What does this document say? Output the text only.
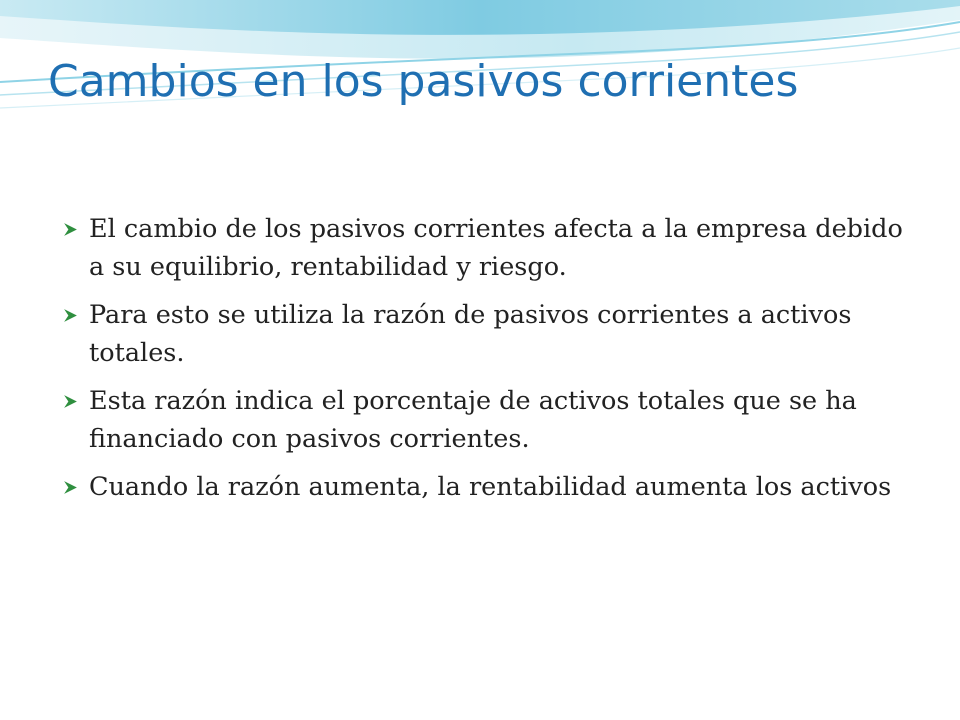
Cambios en los pasivos corrientes
El cambio de los pasivos corrientes afecta a la empresa debido a su equilibrio, rentabilidad y riesgo.
Para esto se utiliza la razón de pasivos corrientes a activos totales.
Esta razón indica el porcentaje de activos totales que se ha financiado con pasivos corrientes.
Cuando la razón aumenta, la rentabilidad aumenta los activos
